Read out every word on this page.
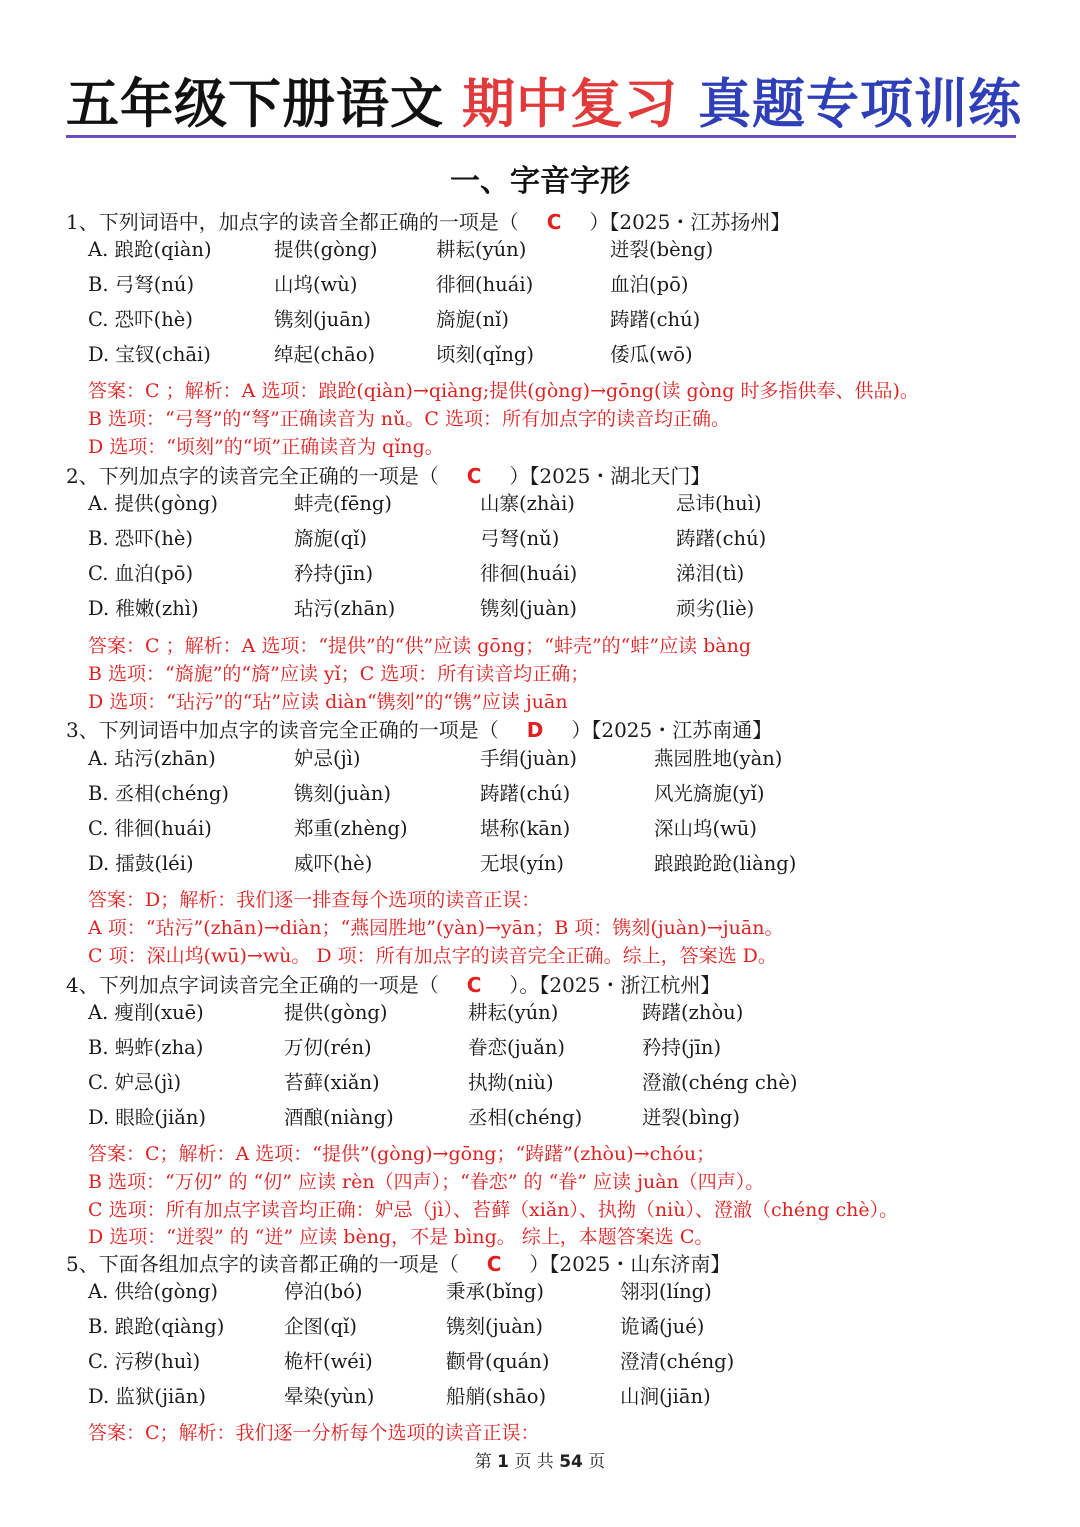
五年级下册语文 期中复习 真题专项训练
一、字音字形
1、下列词语中，加点字的读音全都正确的一项是（ C ）【2025・江苏扬州】
A. 踉跄(qiàn)	提供(gòng)	耕耘(yún)	迸裂(bèng)
B. 弓弩(nú)	山坞(wù)	徘徊(huái)	血泊(pō)
C. 恐吓(hè)	镌刻(juān)	旖旎(nǐ)	踌躇(chú)
D. 宝钗(chāi)	绰起(chāo)	顷刻(qǐng)	倭瓜(wō)
答案：C ；解析：A 选项：踉跄(qiàn)→qiàng;提供(gòng)→gōng(读 gòng 时多指供奉、供品)。
B 选项：“弓弩”的“弩”正确读音为 nǔ。C 选项：所有加点字的读音均正确。
D 选项：“顷刻”的“顷”正确读音为 qǐng。
2、下列加点字的读音完全正确的一项是（ C ）【2025・湖北天门】
A. 提供(gòng)	蚌壳(fēng)	山寨(zhài)	忌讳(huì)
B. 恐吓(hè)	旖旎(qǐ)	弓弩(nǔ)	踌躇(chú)
C. 血泊(pō)	矜持(jīn)	徘徊(huái)	涕泪(tì)
D. 稚嫩(zhì)	玷污(zhān)	镌刻(juàn)	顽劣(liè)
答案：C ；解析：A 选项：“提供”的“供”应读 gōng；“蚌壳”的“蚌”应读 bàng
B 选项：“旖旎”的“旖”应读 yǐ；C 选项：所有读音均正确；
D 选项：“玷污”的“玷”应读 diàn“镌刻”的“镌”应读 juān
3、下列词语中加点字的读音完全正确的一项是（ D ）【2025・江苏南通】
A. 玷污(zhān)	妒忌(jì)	手绢(juàn)	燕园胜地(yàn)
B. 丞相(chéng)	镌刻(juàn)	踌躇(chú)	风光旖旎(yǐ)
C. 徘徊(huái)	郑重(zhèng)	堪称(kān)	深山坞(wū)
D. 擂鼓(léi)	威吓(hè)	无垠(yín)	踉踉跄跄(liàng)
答案：D；解析：我们逐一排查每个选项的读音正误：
A 项：“玷污”(zhān)→diàn；“燕园胜地”(yàn)→yān；B 项：镌刻(juàn)→juān。
C 项：深山坞(wū)→wù。 D 项：所有加点字的读音完全正确。综上，答案选 D。
4、下列加点字词读音完全正确的一项是（ C ）。【2025・浙江杭州】
A. 瘦削(xuē)	提供(gòng)	耕耘(yún)	踌躇(zhòu)
B. 蚂蚱(zha)	万仞(rén)	眷恋(juǎn)	矜持(jīn)
C. 妒忌(jì)	苔藓(xiǎn)	执拗(niù)	澄澈(chéng chè)
D. 眼睑(jiǎn)	酒酿(niàng)	丞相(chéng)	迸裂(bìng)
答案：C；解析：A 选项：“提供”(gòng)→gōng；“踌躇”(zhòu)→chóu；
B 选项：“万仞” 的 “仞” 应读 rèn（四声）；“眷恋” 的 “眷” 应读 juàn（四声）。
C 选项：所有加点字读音均正确：妒忌（jì）、苔藓（xiǎn）、执拗（niù）、澄澈（chéng chè）。
D 选项：“迸裂” 的 “迸” 应读 bèng，不是 bìng。 综上，本题答案选 C。
5、下面各组加点字的读音都正确的一项是（ C ）【2025・山东济南】
A. 供给(gòng)	停泊(bó)	秉承(bǐng)	翎羽(líng)
B. 踉跄(qiàng)	企图(qǐ)	镌刻(juàn)	诡谲(jué)
C. 污秽(huì)	桅杆(wéi)	颧骨(quán)	澄清(chéng)
D. 监狱(jiān)	晕染(yùn)	船艄(shāo)	山涧(jiān)
答案：C；解析：我们逐一分析每个选项的读音正误：
第 1 页 共 54 页
